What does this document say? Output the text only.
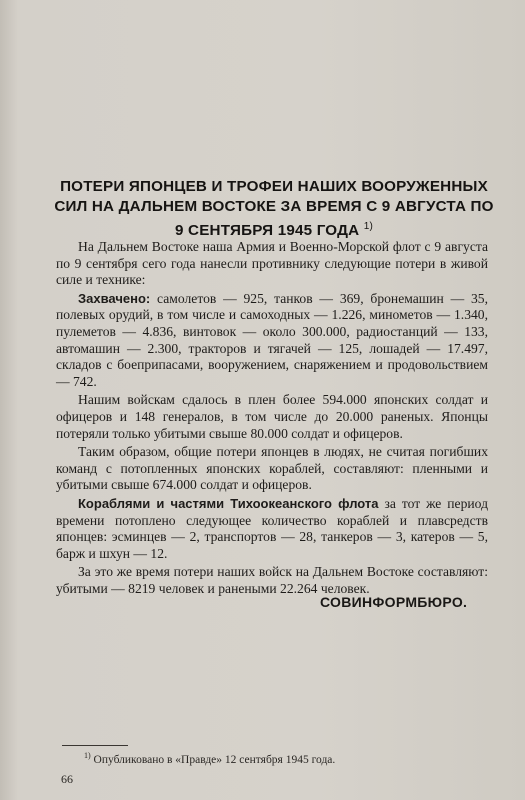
ПОТЕРИ ЯПОНЦЕВ И ТРОФЕИ НАШИХ ВООРУЖЕННЫХ
СИЛ НА ДАЛЬНЕМ ВОСТОКЕ ЗА ВРЕМЯ С 9 АВГУСТА ПО
9 СЕНТЯБРЯ 1945 ГОДА $^{1)}$

На Дальнем Востоке наша Армия и Военно-Морской флот с 9 августа по 9 сентября сего года нанесли противнику следующие потери в живой силе и технике:

Захвачено: самолетов — 925, танков — 369, бронемашин — 35, полевых орудий, в том числе и самоходных — 1.226, минометов — 1.340, пулеметов — 4.836, винтовок — около 300.000, радиостанций — 133, автомашин — 2.300, тракторов и тягачей — 125, лошадей — 17.497, складов с боеприпасами, вооружением, снаряжением и продовольствием — 742.

Нашим войскам сдалось в плен более 594.000 японских солдат и офицеров и 148 генералов, в том числе до 20.000 раненых. Японцы потеряли только убитыми свыше 80.000 солдат и офицеров.

Таким образом, общие потери японцев в людях, не считая погибших команд с потопленных японских кораблей, составляют: пленными и убитыми свыше 674.000 солдат и офицеров.

Кораблями и частями Тихоокеанского флота за тот же период времени потоплено следующее количество кораблей и плавсредств японцев: эсминцев — 2, транспортов — 28, танкеров — 3, катеров — 5, барж и шхун — 12.

За это же время потери наших войск на Дальнем Востоке составляют: убитыми — 8219 человек и ранеными 22.264 человек.

СОВИНФОРМБЮРО.
$^{1)}$ Опубликовано в «Правде» 12 сентября 1945 года.
66
